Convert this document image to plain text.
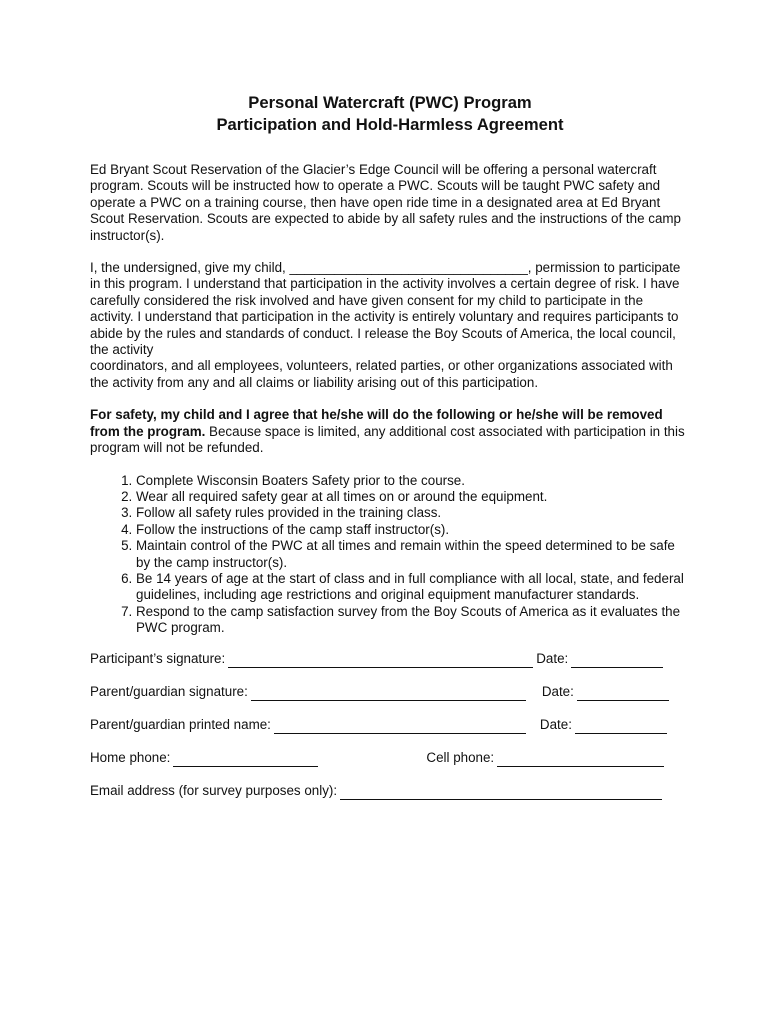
Personal Watercraft (PWC) Program
Participation and Hold-Harmless Agreement

Ed Bryant Scout Reservation of the Glacier’s Edge Council will be offering a personal watercraft program. Scouts will be instructed how to operate a PWC. Scouts will be taught PWC safety and operate a PWC on a training course, then have open ride time in a designated area at Ed Bryant Scout Reservation. Scouts are expected to abide by all safety rules and the instructions of the camp instructor(s).

I, the undersigned, give my child, ________________________________, permission to participate in this program. I understand that participation in the activity involves a certain degree of risk. I have carefully considered the risk involved and have given consent for my child to participate in the activity. I understand that participation in the activity is entirely voluntary and requires participants to abide by the rules and standards of conduct. I release the Boy Scouts of America, the local council, the activity

coordinators, and all employees, volunteers, related parties, or other organizations associated with the activity from any and all claims or liability arising out of this participation.

For safety, my child and I agree that he/she will do the following or he/she will be removed from the program. Because space is limited, any additional cost associated with participation in this program will not be refunded.

1. Complete Wisconsin Boaters Safety prior to the course.
2. Wear all required safety gear at all times on or around the equipment.
3. Follow all safety rules provided in the training class.
4. Follow the instructions of the camp staff instructor(s).
5. Maintain control of the PWC at all times and remain within the speed determined to be safe by the camp instructor(s).
6. Be 14 years of age at the start of class and in full compliance with all local, state, and federal guidelines, including age restrictions and original equipment manufacturer standards.
7. Respond to the camp satisfaction survey from the Boy Scouts of America as it evaluates the PWC program.
Participant’s signature:	Date:
Parent/guardian signature:	Date:
Parent/guardian printed name:	Date:
Home phone:	Cell phone:
Email address (for survey purposes only):
